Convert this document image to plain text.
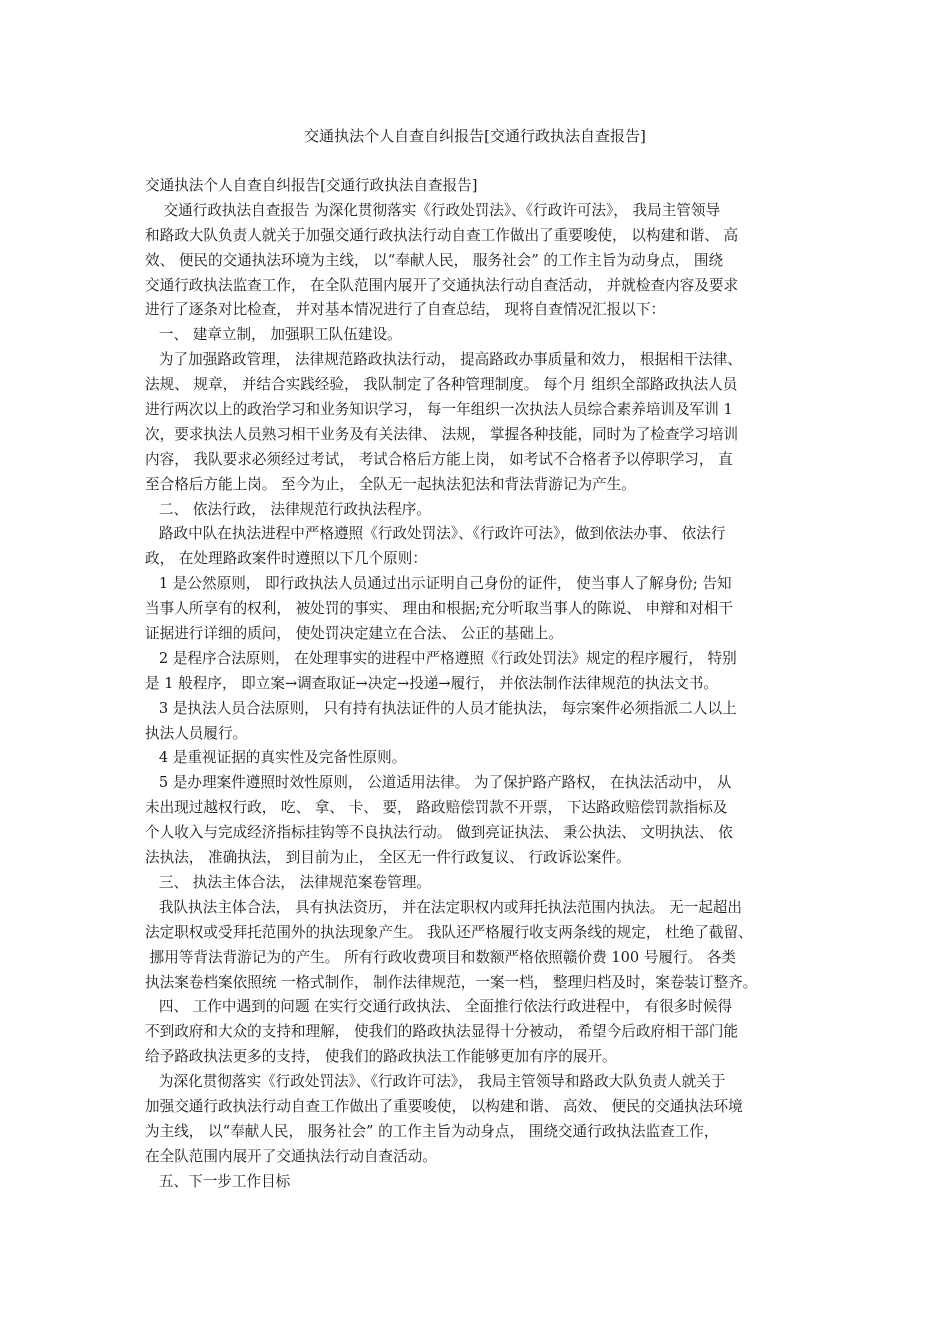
交通执法个人自查自纠报告[交通行政执法自查报告]
交通执法个人自查自纠报告[交通行政执法自查报告]
交通行政执法自查报告 为深化贯彻落实《行政处罚法》、《行政许可法》， 我局主管领导
和路政大队负责人就关于加强交通行政执法行动自查工作做出了重要唆使， 以构建和谐、 高
效、 便民的交通执法环境为主线， 以“奉献人民， 服务社会” 的工作主旨为动身点， 围绕
交通行政执法监查工作， 在全队范围内展开了交通执法行动自查活动， 并就检查内容及要求
进行了逐条对比检查， 并对基本情况进行了自查总结， 现将自查情况汇报以下：
一、 建章立制， 加强职工队伍建设。
为了加强路政管理， 法律规范路政执法行动， 提高路政办事质量和效力， 根据相干法律、
法规、 规章， 并结合实践经验， 我队制定了各种管理制度。 每个月 组织全部路政执法人员
进行两次以上的政治学习和业务知识学习， 每一年组织一次执法人员综合素养培训及军训 1
次，要求执法人员熟习相干业务及有关法律、 法规， 掌握各种技能，同时为了检查学习培训
内容， 我队要求必须经过考试， 考试合格后方能上岗， 如考试不合格者予以停职学习， 直
至合格后方能上岗。 至今为止， 全队无一起执法犯法和背法背游记为产生。
二、 依法行政， 法律规范行政执法程序。
路政中队在执法进程中严格遵照《行政处罚法》、《行政许可法》，做到依法办事、 依法行
政， 在处理路政案件时遵照以下几个原则：
1 是公然原则， 即行政执法人员通过出示证明自己身份的证件， 使当事人了解身份; 告知
当事人所享有的权利， 被处罚的事实、 理由和根据;充分听取当事人的陈说、 申辩和对相干
证据进行详细的质问， 使处罚决定建立在合法、 公正的基础上。
2 是程序合法原则， 在处理事实的进程中严格遵照《行政处罚法》规定的程序履行， 特别
是 1 般程序， 即立案→调查取证→决定→投递→履行， 并依法制作法律规范的执法文书。
3 是执法人员合法原则， 只有持有执法证件的人员才能执法， 每宗案件必须指派二人以上
执法人员履行。
4 是重视证据的真实性及完备性原则。
5 是办理案件遵照时效性原则， 公道适用法律。 为了保护路产路权， 在执法活动中， 从
未出现过越权行政， 吃、 拿、 卡、 要， 路政赔偿罚款不开票， 下达路政赔偿罚款指标及
个人收入与完成经济指标挂钩等不良执法行动。 做到亮证执法、 秉公执法、 文明执法、 依
法执法， 准确执法， 到目前为止， 全区无一件行政复议、 行政诉讼案件。
三、 执法主体合法， 法律规范案卷管理。
我队执法主体合法， 具有执法资历， 并在法定职权内或拜托执法范围内执法。 无一起超出
法定职权或受拜托范围外的执法现象产生。 我队还严格履行收支两条线的规定， 杜绝了截留、
挪用等背法背游记为的产生。 所有行政收费项目和数额严格依照赣价费 100 号履行。 各类
执法案卷档案依照统 一格式制作， 制作法律规范，一案一档， 整理归档及时，案卷装订整齐。
四、 工作中遇到的问题 在实行交通行政执法、 全面推行依法行政进程中， 有很多时候得
不到政府和大众的支持和理解， 使我们的路政执法显得十分被动， 希望今后政府相干部门能
给予路政执法更多的支持， 使我们的路政执法工作能够更加有序的展开。
为深化贯彻落实《行政处罚法》、《行政许可法》， 我局主管领导和路政大队负责人就关于
加强交通行政执法行动自查工作做出了重要唆使， 以构建和谐、 高效、 便民的交通执法环境
为主线， 以“奉献人民， 服务社会” 的工作主旨为动身点， 围绕交通行政执法监查工作，
在全队范围内展开了交通执法行动自查活动。
五、下一步工作目标
